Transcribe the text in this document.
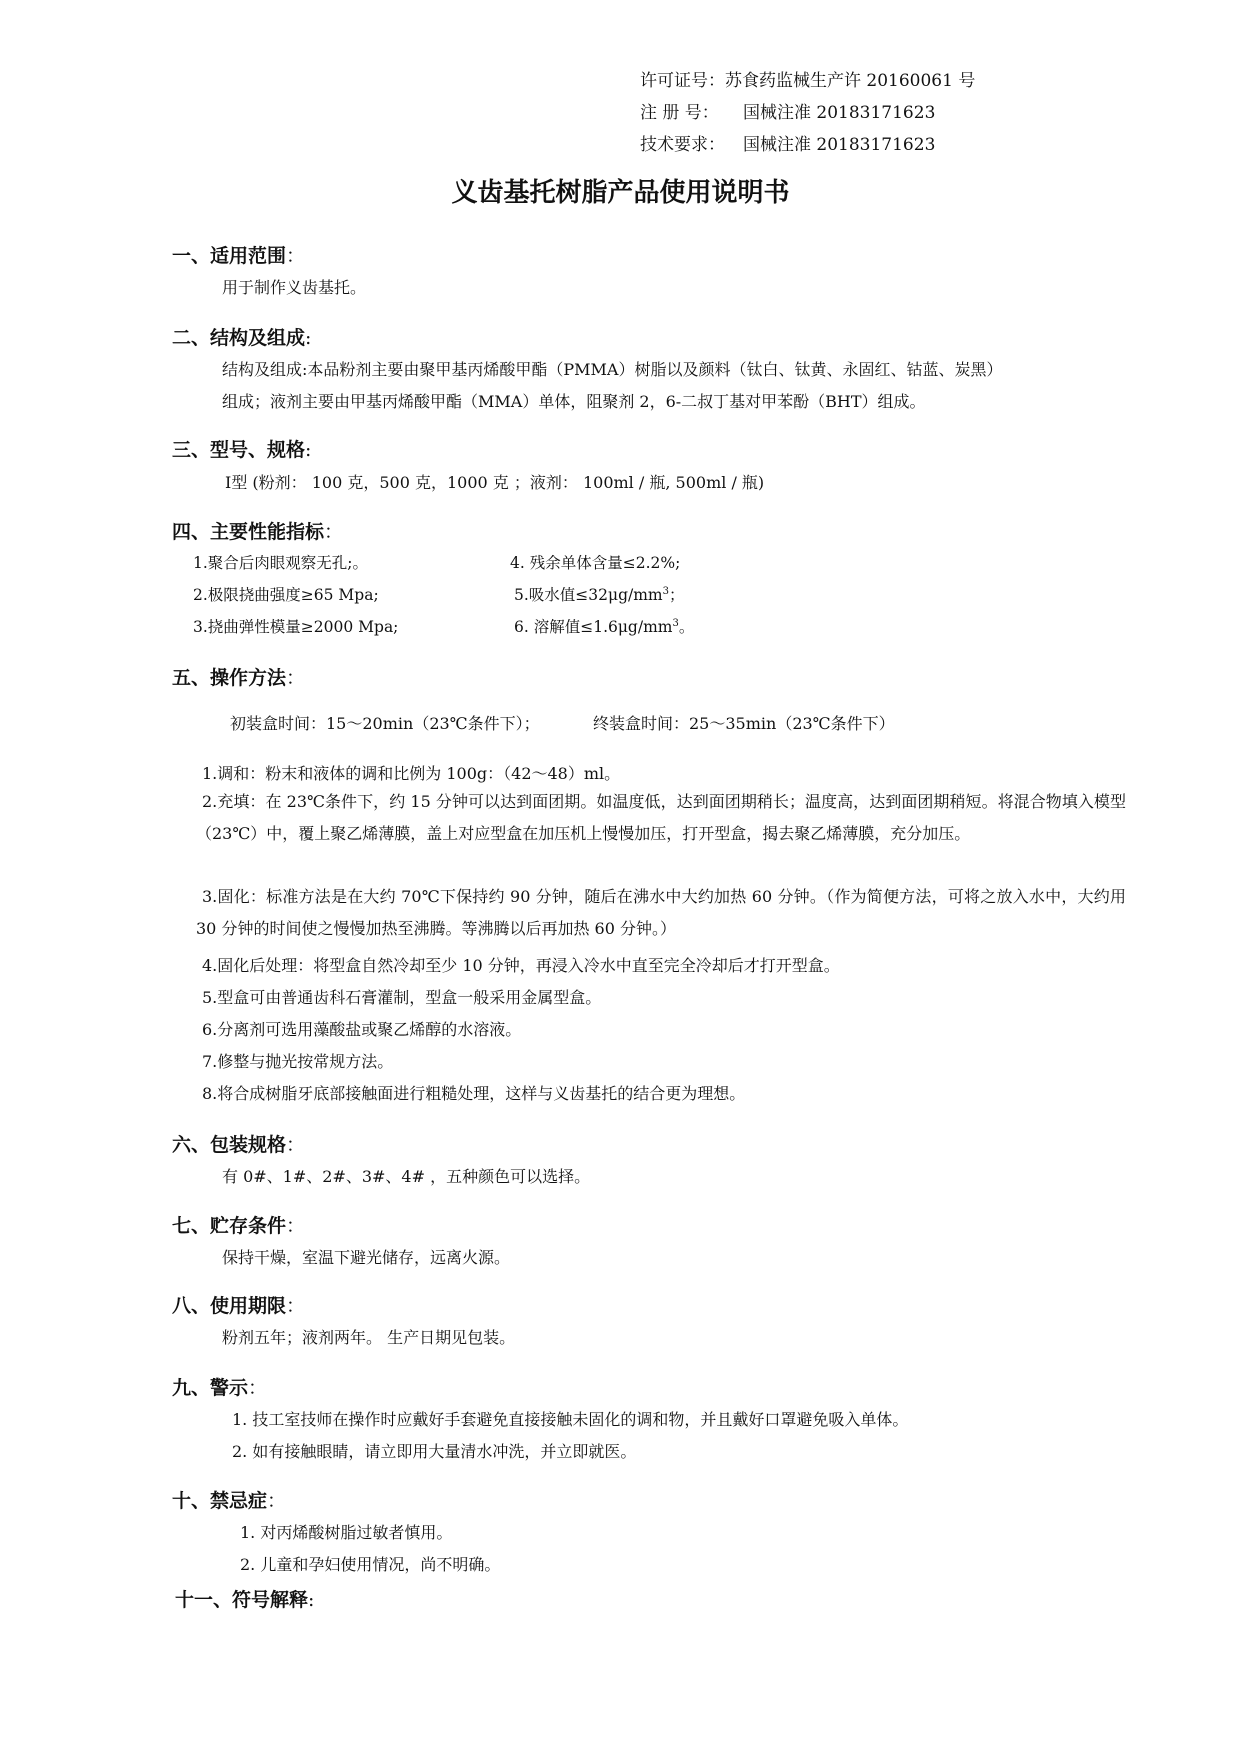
许可证号：苏食药监械生产许 20160061 号
注 册 号： 国械注准 20183171623
技术要求： 国械注准 20183171623
义齿基托树脂产品使用说明书
一、适用范围：
用于制作义齿基托。
二、结构及组成:
结构及组成:本品粉剂主要由聚甲基丙烯酸甲酯（PMMA）树脂以及颜料（钛白、钛黄、永固红、钴蓝、炭黑）
组成；液剂主要由甲基丙烯酸甲酯（MMA）单体，阻聚剂 2，6-二叔丁基对甲苯酚（BHT）组成。
三、型号、规格:
Ⅰ型 (粉剂： 100 克，500 克，1000 克 ；液剂： 100ml / 瓶, 500ml / 瓶)
四、主要性能指标：
1.聚合后肉眼观察无孔;。
2.极限挠曲强度≥65 Mpa;
3.挠曲弹性模量≥2000 Mpa;
4. 残余单体含量≤2.2%;
5.吸水值$\le 32\mu g/mm^3$；
6. 溶解值$\le 1.6\mu g/mm^3$。
五、操作方法：
初装盒时间：15～20min（23℃条件下）；	终装盒时间：25～35min（23℃条件下）
1.调和：粉末和液体的调和比例为 100g：（42～48）ml。
2.充填：在 23℃条件下，约 15 分钟可以达到面团期。如温度低，达到面团期稍长；温度高，达到面团期稍短。将混合物填入模型（23℃）中，覆上聚乙烯薄膜，盖上对应型盒在加压机上慢慢加压，打开型盒，揭去聚乙烯薄膜，充分加压。
3.固化：标准方法是在大约 70℃下保持约 90 分钟，随后在沸水中大约加热 60 分钟。（作为简便方法，可将之放入水中，大约用 30 分钟的时间使之慢慢加热至沸腾。等沸腾以后再加热 60 分钟。）
4.固化后处理：将型盒自然冷却至少 10 分钟，再浸入冷水中直至完全冷却后才打开型盒。
5.型盒可由普通齿科石膏灌制，型盒一般采用金属型盒。
6.分离剂可选用藻酸盐或聚乙烯醇的水溶液。
7.修整与抛光按常规方法。
8.将合成树脂牙底部接触面进行粗糙处理，这样与义齿基托的结合更为理想。
六、包装规格：
有 0#、1#、2#、3#、4# ，五种颜色可以选择。
七、贮存条件：
保持干燥，室温下避光储存，远离火源。
八、使用期限：
粉剂五年；液剂两年。 生产日期见包装。
九、警示：
1. 技工室技师在操作时应戴好手套避免直接接触未固化的调和物，并且戴好口罩避免吸入单体。
2. 如有接触眼睛，请立即用大量清水冲洗，并立即就医。
十、禁忌症：
1. 对丙烯酸树脂过敏者慎用。
2. 儿童和孕妇使用情况，尚不明确。
十一、符号解释:
